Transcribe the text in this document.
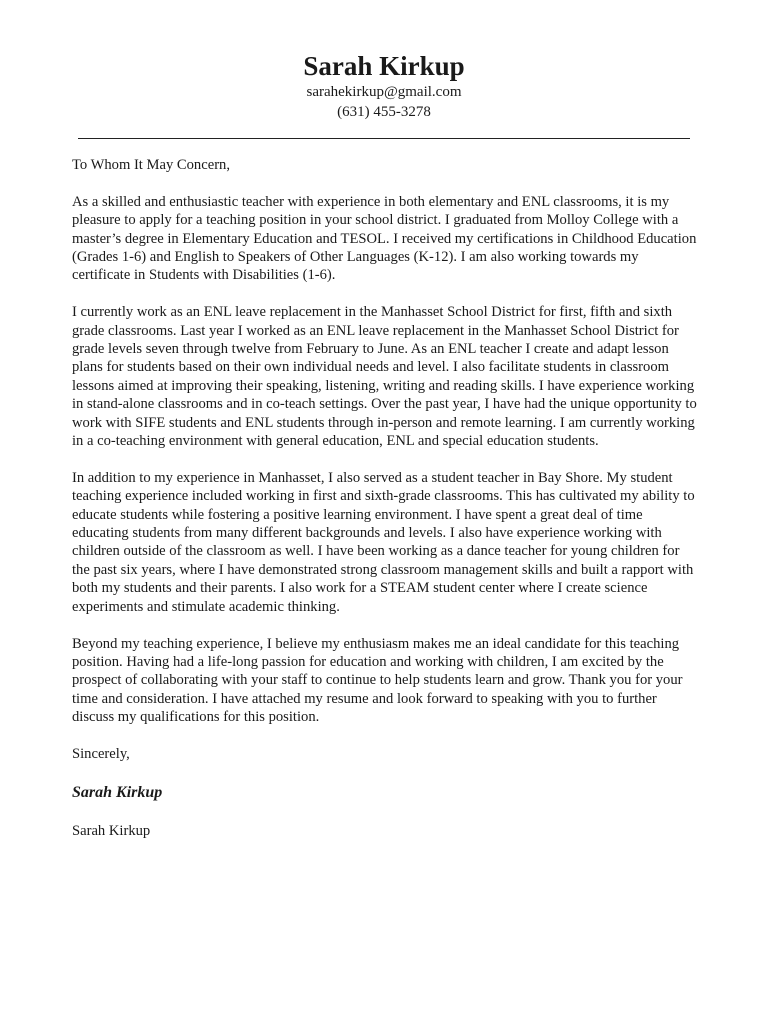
Sarah Kirkup

sarahekirkup@gmail.com

(631) 455-3278

To Whom It May Concern,

As a skilled and enthusiastic teacher with experience in both elementary and ENL classrooms, it is my pleasure to apply for a teaching position in your school district. I graduated from Molloy College with a master’s degree in Elementary Education and TESOL. I received my certifications in Childhood Education (Grades 1-6) and English to Speakers of Other Languages (K-12). I am also working towards my certificate in Students with Disabilities (1-6).

I currently work as an ENL leave replacement in the Manhasset School District for first, fifth and sixth grade classrooms. Last year I worked as an ENL leave replacement in the Manhasset School District for grade levels seven through twelve from February to June. As an ENL teacher I create and adapt lesson plans for students based on their own individual needs and level. I also facilitate students in classroom lessons aimed at improving their speaking, listening, writing and reading skills. I have experience working in stand-alone classrooms and in co-teach settings. Over the past year, I have had the unique opportunity to work with SIFE students and ENL students through in-person and remote learning. I am currently working in a co-teaching environment with general education, ENL and special education students.

In addition to my experience in Manhasset, I also served as a student teacher in Bay Shore. My student teaching experience included working in first and sixth-grade classrooms. This has cultivated my ability to educate students while fostering a positive learning environment. I have spent a great deal of time educating students from many different backgrounds and levels. I also have experience working with children outside of the classroom as well. I have been working as a dance teacher for young children for the past six years, where I have demonstrated strong classroom management skills and built a rapport with both my students and their parents. I also work for a STEAM student center where I create science experiments and stimulate academic thinking.

Beyond my teaching experience, I believe my enthusiasm makes me an ideal candidate for this teaching position. Having had a life-long passion for education and working with children, I am excited by the prospect of collaborating with your staff to continue to help students learn and grow. Thank you for your time and consideration. I have attached my resume and look forward to speaking with you to further discuss my qualifications for this position.

Sincerely,

Sarah Kirkup

Sarah Kirkup
